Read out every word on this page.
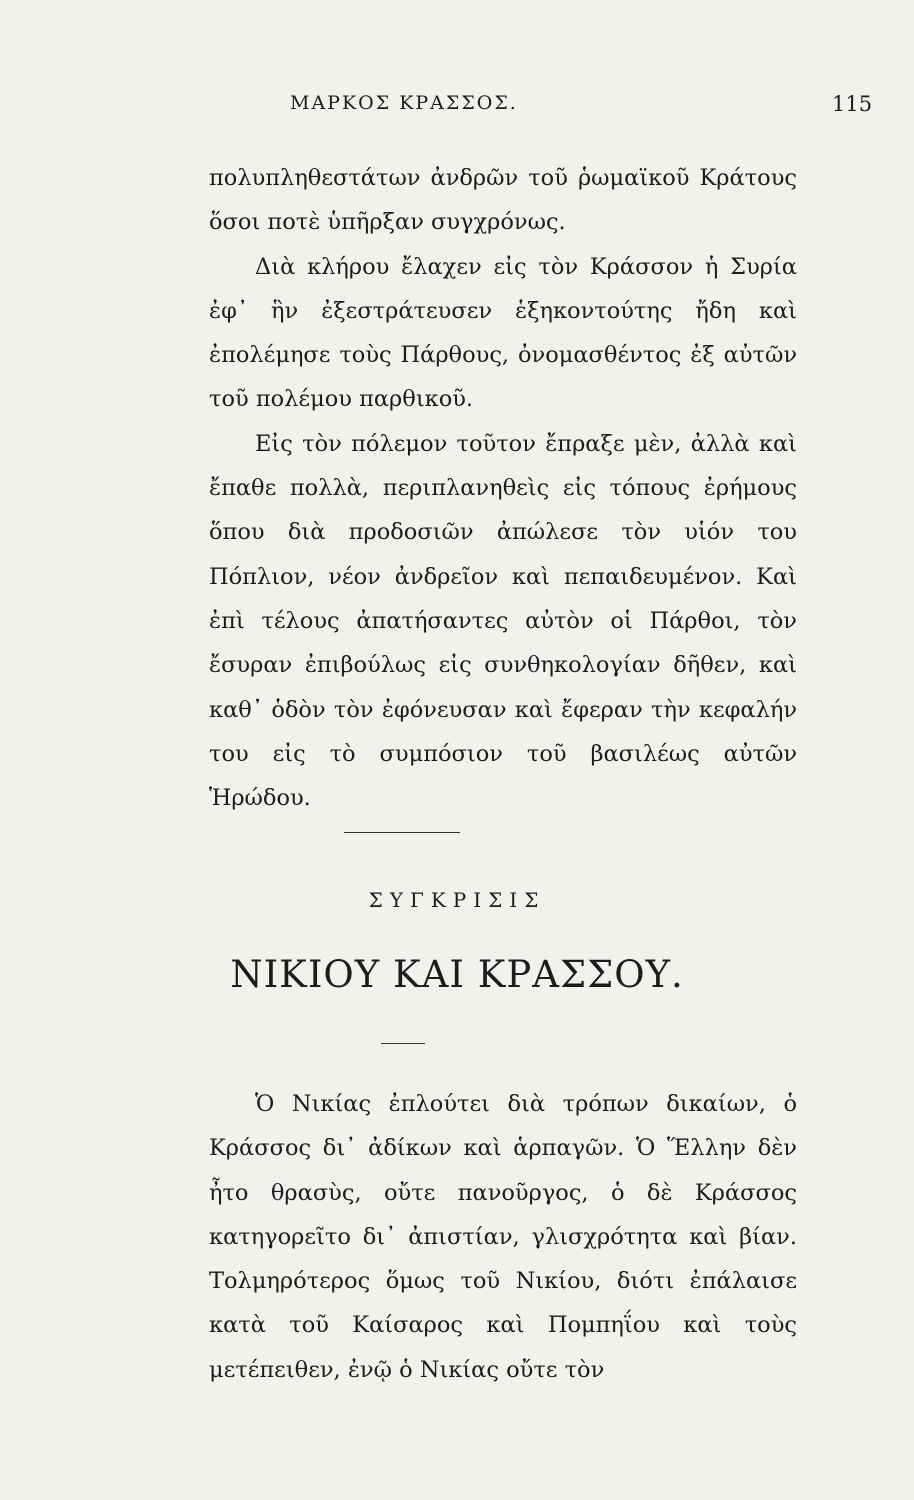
ΜΑΡΚΟΣ ΚΡΑΣΣΟΣ.	115

πολυπληθεστάτων ἀνδρῶν τοῦ ῥωμαϊκοῦ Κράτους ὅσοι ποτὲ ὑπῆρξαν συγχρόνως.

Διὰ κλήρου ἔλαχεν εἰς τὸν Κράσσον ἡ Συρία ἐφ᾽ ἣν ἐξεστράτευσεν ἑξηκοντούτης ἤδη καὶ ἐπολέμησε τοὺς Πάρθους, ὀνομασθέντος ἐξ αὐτῶν τοῦ πολέμου παρθικοῦ.

Εἰς τὸν πόλεμον τοῦτον ἔπραξε μὲν, ἀλλὰ καὶ ἔπαθε πολλὰ, περιπλανηθεὶς εἰς τόπους ἐρήμους ὅπου διὰ προδοσιῶν ἀπώλεσε τὸν υἱόν του Πόπλιον, νέον ἀνδρεῖον καὶ πεπαιδευμένον. Καὶ ἐπὶ τέλους ἀπατήσαντες αὐτὸν οἱ Πάρθοι, τὸν ἔσυραν ἐπιβούλως εἰς συνθηκολογίαν δῆθεν, καὶ καθ᾽ ὁδὸν τὸν ἐφόνευσαν καὶ ἔφεραν τὴν κεφαλήν του εἰς τὸ συμπόσιον τοῦ βασιλέως αὐτῶν Ἡρώδου.

ΣΥΓΚΡΙΣΙΣ
ΝΙΚΙΟΥ ΚΑΙ ΚΡΑΣΣΟΥ.

Ὁ Νικίας ἐπλούτει διὰ τρόπων δικαίων, ὁ Κράσσος δι᾽ ἀδίκων καὶ ἁρπαγῶν. Ὁ Ἕλλην δὲν ἦτο θρασὺς, οὔτε πανοῦργος, ὁ δὲ Κράσσος κατηγορεῖτο δι᾽ ἀπιστίαν, γλισχρότητα καὶ βίαν. Τολμηρότερος ὅμως τοῦ Νικίου, διότι ἐπάλαισε κατὰ τοῦ Καίσαρος καὶ Πομπηΐου καὶ τοὺς μετέπειθεν, ἐνῷ ὁ Νικίας οὔτε τὸν
